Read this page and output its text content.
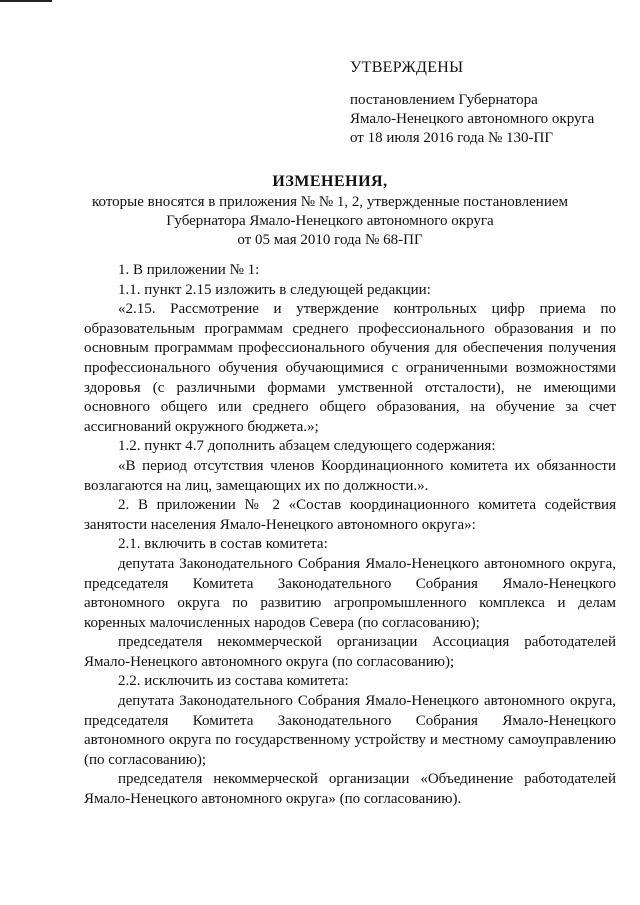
УТВЕРЖДЕНЫ
постановлением Губернатора
Ямало-Ненецкого автономного округа
от 18 июля 2016 года № 130-ПГ
ИЗМЕНЕНИЯ,
которые вносятся в приложения № № 1, 2, утвержденные постановлением
Губернатора Ямало-Ненецкого автономного округа
от 05 мая 2010 года № 68-ПГ

1. В приложении № 1:

1.1. пункт 2.15 изложить в следующей редакции:

«2.15. Рассмотрение и утверждение контрольных цифр приема по образовательным программам среднего профессионального образования и по основным программам профессионального обучения для обеспечения получения профессионального обучения обучающимися с ограниченными возможностями здоровья (с различными формами умственной отсталости), не имеющими основного общего или среднего общего образования, на обучение за счет ассигнований окружного бюджета.»;

1.2. пункт 4.7 дополнить абзацем следующего содержания:

«В период отсутствия членов Координационного комитета их обязанности возлагаются на лиц, замещающих их по должности.».

2. В приложении № 2 «Состав координационного комитета содействия занятости населения Ямало-Ненецкого автономного округа»:

2.1. включить в состав комитета:

депутата Законодательного Собрания Ямало-Ненецкого автономного округа, председателя Комитета Законодательного Собрания Ямало-Ненецкого автономного округа по развитию агропромышленного комплекса и делам коренных малочисленных народов Севера (по согласованию);

председателя некоммерческой организации Ассоциация работодателей Ямало-Ненецкого автономного округа (по согласованию);

2.2. исключить из состава комитета:

депутата Законодательного Собрания Ямало-Ненецкого автономного округа, председателя Комитета Законодательного Собрания Ямало-Ненецкого автономного округа по государственному устройству и местному самоуправлению (по согласованию);

председателя некоммерческой организации «Объединение работодателей Ямало-Ненецкого автономного округа» (по согласованию).
